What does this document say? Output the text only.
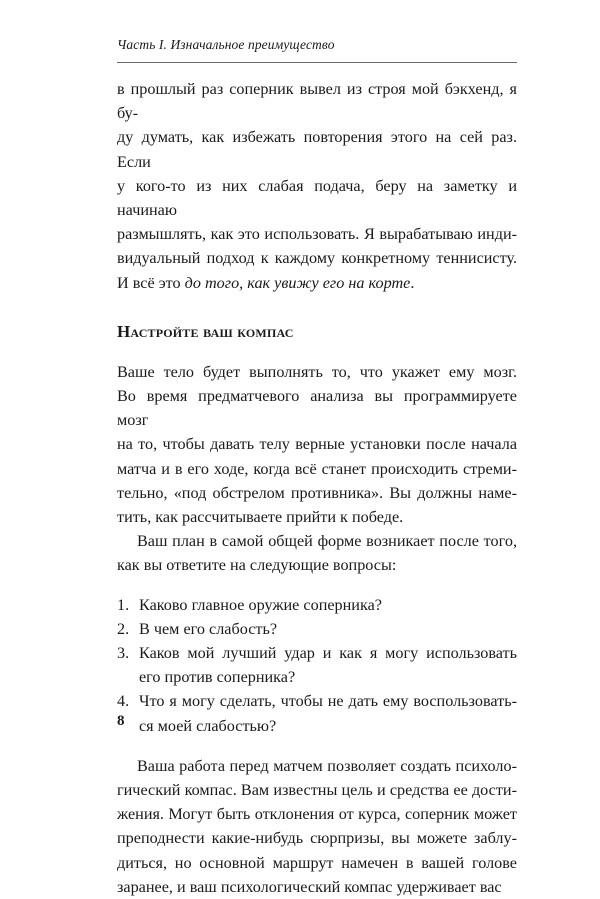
Часть I. Изначальное преимущество

в прошлый раз соперник вывел из строя мой бэкхенд, я бу-
ду думать, как избежать повторения этого на сей раз. Если
у кого-то из них слабая подача, беру на заметку и начинаю
размышлять, как это использовать. Я вырабатываю инди-
видуальный подход к каждому конкретному теннисисту.
И всё это до того, как увижу его на корте.

Настройте ваш компас

Ваше тело будет выполнять то, что укажет ему мозг.
Во время предматчевого анализа вы программируете мозг
на то, чтобы давать телу верные установки после начала
матча и в его ходе, когда всё станет происходить стреми-
тельно, «под обстрелом противника». Вы должны наме-
тить, как рассчитываете прийти к победе.

Ваш план в самой общей форме возникает после того,
как вы ответите на следующие вопросы:

1. Каково главное оружие соперника?
2. В чем его слабость?
3. Каков мой лучший удар и как я могу использовать
его против соперника?
4. Что я могу сделать, чтобы не дать ему воспользовать-
ся моей слабостью?

Ваша работа перед матчем позволяет создать психоло-
гический компас. Вам известны цель и средства ее дости-
жения. Могут быть отклонения от курса, соперник может
преподнести какие-нибудь сюрпризы, вы можете заблу-
диться, но основной маршрут намечен в вашей голове
заранее, и ваш психологический компас удерживает вас

8
